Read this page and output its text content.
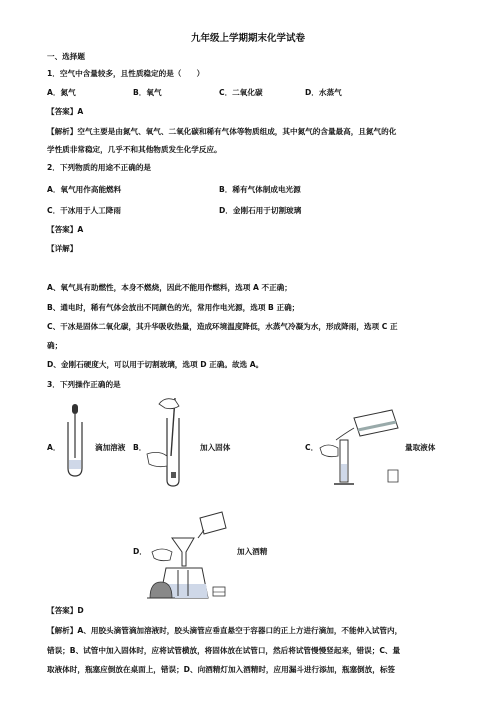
九年级上学期期末化学试卷
一、选择题
1．空气中含量较多，且性质稳定的是（　　）
A．氮气	B．氧气	C．二氧化碳	D．水蒸气
【答案】A
【解析】空气主要是由氮气、氧气、二氧化碳和稀有气体等物质组成，其中氮气的含量最高，且氮气的化
学性质非常稳定，几乎不和其他物质发生化学反应。
2．下列物质的用途不正确的是
A．氧气用作高能燃料	B．稀有气体制成电光源
C．干冰用于人工降雨	D．金刚石用于切割玻璃
【答案】A
【详解】
A、氧气具有助燃性，本身不燃烧，因此不能用作燃料，选项 A 不正确；
B、通电时，稀有气体会放出不同颜色的光，常用作电光源，选项 B 正确；
C、干冰是固体二氧化碳，其升华吸收热量，造成环境温度降低，水蒸气冷凝为水，形成降雨，选项 C 正
确；
D、金刚石硬度大，可以用于切割玻璃，选项 D 正确。故选 A。
3．下列操作正确的是
A．	滴加溶液 B．	加入固体	C．	量取液体
D．	加入酒精
【答案】D
【解析】A、用胶头滴管滴加溶液时，胶头滴管应垂直悬空于容器口的正上方进行滴加，不能伸入试管内，
错误；B、试管中加入固体时，应将试管横放，将固体放在试管口，然后将试管慢慢竖起来，错误；C、量
取液体时，瓶塞应倒放在桌面上，错误；D、向酒精灯加入酒精时，应用漏斗进行添加，瓶塞倒放，标签
